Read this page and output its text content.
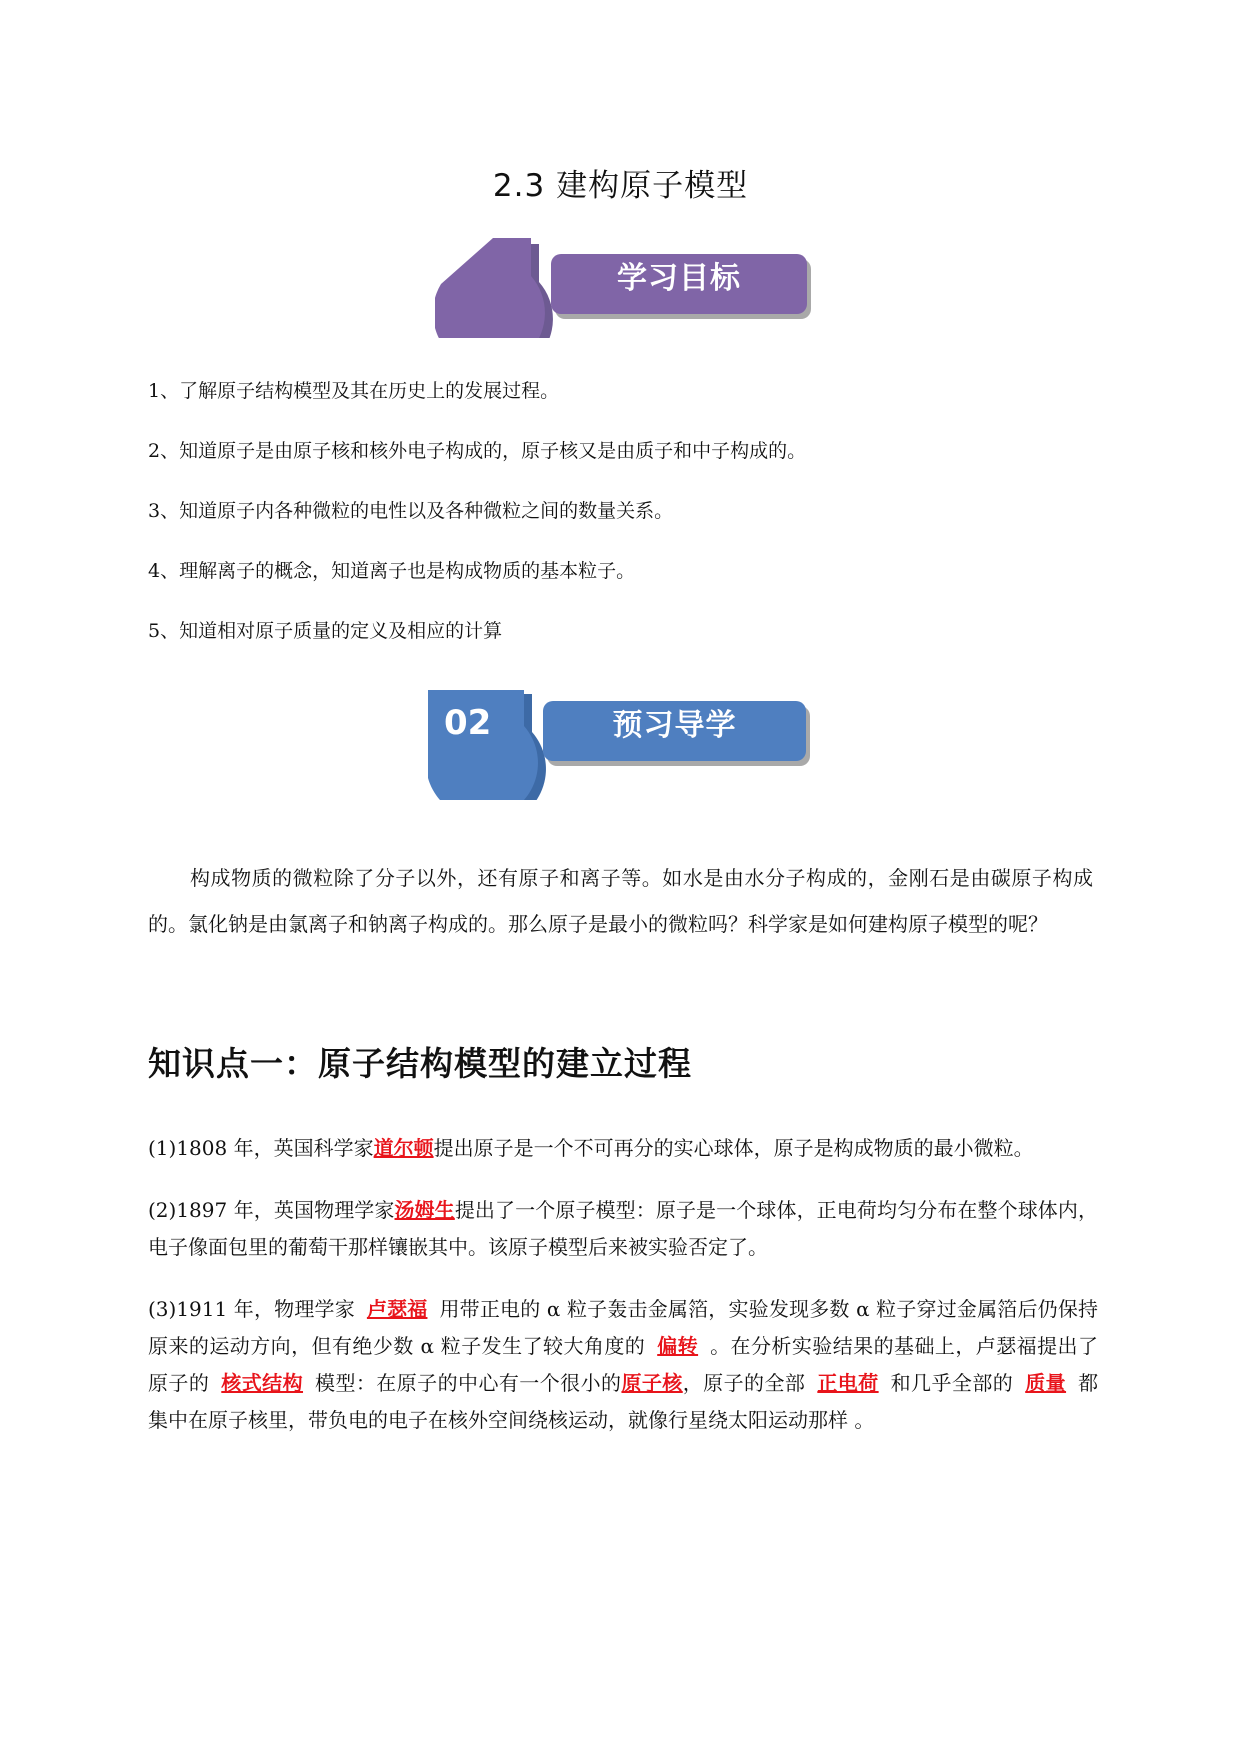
2.3 建构原子模型
学习目标
1、了解原子结构模型及其在历史上的发展过程。
2、知道原子是由原子核和核外电子构成的，原子核又是由质子和中子构成的。
3、知道原子内各种微粒的电性以及各种微粒之间的数量关系。
4、理解离子的概念，知道离子也是构成物质的基本粒子。
5、知道相对原子质量的定义及相应的计算
02	预习导学
构成物质的微粒除了分子以外，还有原子和离子等。如水是由水分子构成的，金刚石是由碳原子构成的。氯化钠是由氯离子和钠离子构成的。那么原子是最小的微粒吗？科学家是如何建构原子模型的呢？
知识点一：原子结构模型的建立过程
(1)1808 年，英国科学家道尔顿提出原子是一个不可再分的实心球体，原子是构成物质的最小微粒。
(2)1897 年，英国物理学家汤姆生提出了一个原子模型：原子是一个球体，正电荷均匀分布在整个球体内，电子像面包里的葡萄干那样镶嵌其中。该原子模型后来被实验否定了。
(3)1911 年，物理学家 卢瑟福 用带正电的 α 粒子轰击金属箔，实验发现多数 α 粒子穿过金属箔后仍保持原来的运动方向，但有绝少数 α 粒子发生了较大角度的 偏转 。在分析实验结果的基础上，卢瑟福提出了原子的 核式结构 模型：在原子的中心有一个很小的原子核，原子的全部 正电荷 和几乎全部的 质量 都集中在原子核里，带负电的电子在核外空间绕核运动，就像行星绕太阳运动那样 。
